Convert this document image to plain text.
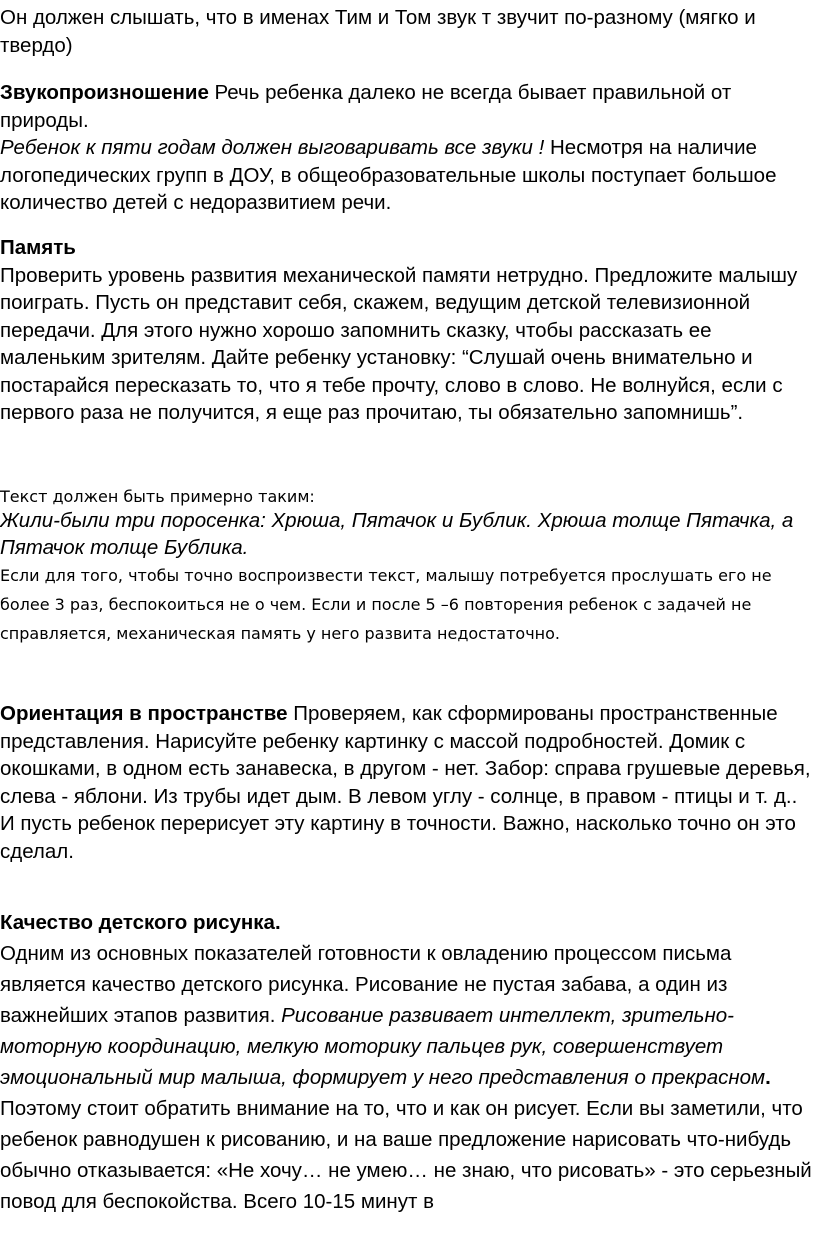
Он должен слышать, что в именах Тим и Том звук т звучит по-разному (мягко и твердо)

Звукопроизношение Речь ребенка далеко не всегда бывает правильной от природы.
Ребенок к пяти годам должен выговаривать все звуки ! Несмотря на наличие логопедических групп в ДОУ, в общеобразовательные школы поступает большое количество детей с недоразвитием речи.

Память
Проверить уровень развития механической памяти нетрудно. Предложите малышу поиграть. Пусть он представит себя, скажем, ведущим детской телевизионной передачи. Для этого нужно хорошо запомнить сказку, чтобы рассказать ее маленьким зрителям. Дайте ребенку установку: “Слушай очень внимательно и постарайся пересказать то, что я тебе прочту, слово в слово. Не волнуйся, если с первого раза не получится, я еще раз прочитаю, ты обязательно запомнишь”.

Текст должен быть примерно таким:

Жили-были три поросенка: Хрюша, Пятачок и Бублик. Хрюша толще Пятачка, а Пятачок толще Бублика.

Если для того, чтобы точно воспроизвести текст, малышу потребуется прослушать его не более 3 раз, беспокоиться не о чем. Если и после 5 –6 повторения ребенок с задачей не справляется, механическая память у него развита недостаточно.

Ориентация в пространстве Проверяем, как сформированы пространственные представления. Нарисуйте ребенку картинку с массой подробностей. Домик с окошками, в одном есть занавеска, в другом - нет. Забор: справа грушевые деревья, слева - яблони. Из трубы идет дым. В левом углу - солнце, в правом - птицы и т. д..
И пусть ребенок перерисует эту картину в точности. Важно, насколько точно он это сделал.

Качество детского рисунка.
Одним из основных показателей готовности к овладению процессом письма является качество детского рисунка. Рисование не пустая забава, а один из важнейших этапов развития. Рисование развивает интеллект, зрительно-моторную координацию, мелкую моторику пальцев рук, совершенствует эмоциональный мир малыша, формирует у него представления о прекрасном. Поэтому стоит обратить внимание на то, что и как он рисует. Если вы заметили, что ребенок равнодушен к рисованию, и на ваше предложение нарисовать что-нибудь обычно отказывается: «Не хочу… не умею… не знаю, что рисовать» - это серьезный повод для беспокойства. Всего 10-15 минут в
